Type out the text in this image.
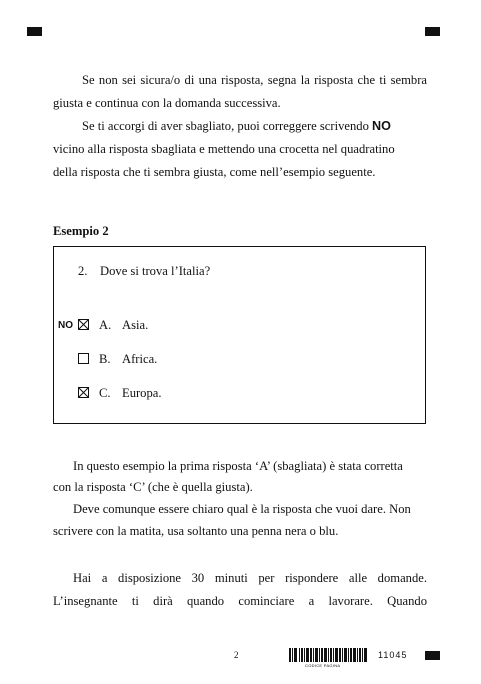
Se non sei sicura/o di una risposta, segna la risposta che ti sembra giusta e continua con la domanda successiva.

Se ti accorgi di aver sbagliato, puoi correggere scrivendo NO

vicino alla risposta sbagliata e mettendo una crocetta nel quadratino

della risposta che ti sembra giusta, come nell’esempio seguente.

Esempio 2

2. Dove si trova l’Italia?
NO A. Asia.
B. Africa.
C. Europa.

In questo esempio la prima risposta ‘A’ (sbagliata) è stata corretta

con la risposta ‘C’ (che è quella giusta).

Deve comunque essere chiaro qual è la risposta che vuoi dare. Non

scrivere con la matita, usa soltanto una penna nera o blu.

Hai a disposizione 30 minuti per rispondere alle domande.

L’insegnante ti dirà quando cominciare a lavorare. Quando

2
CODICE PAGINA
11045
